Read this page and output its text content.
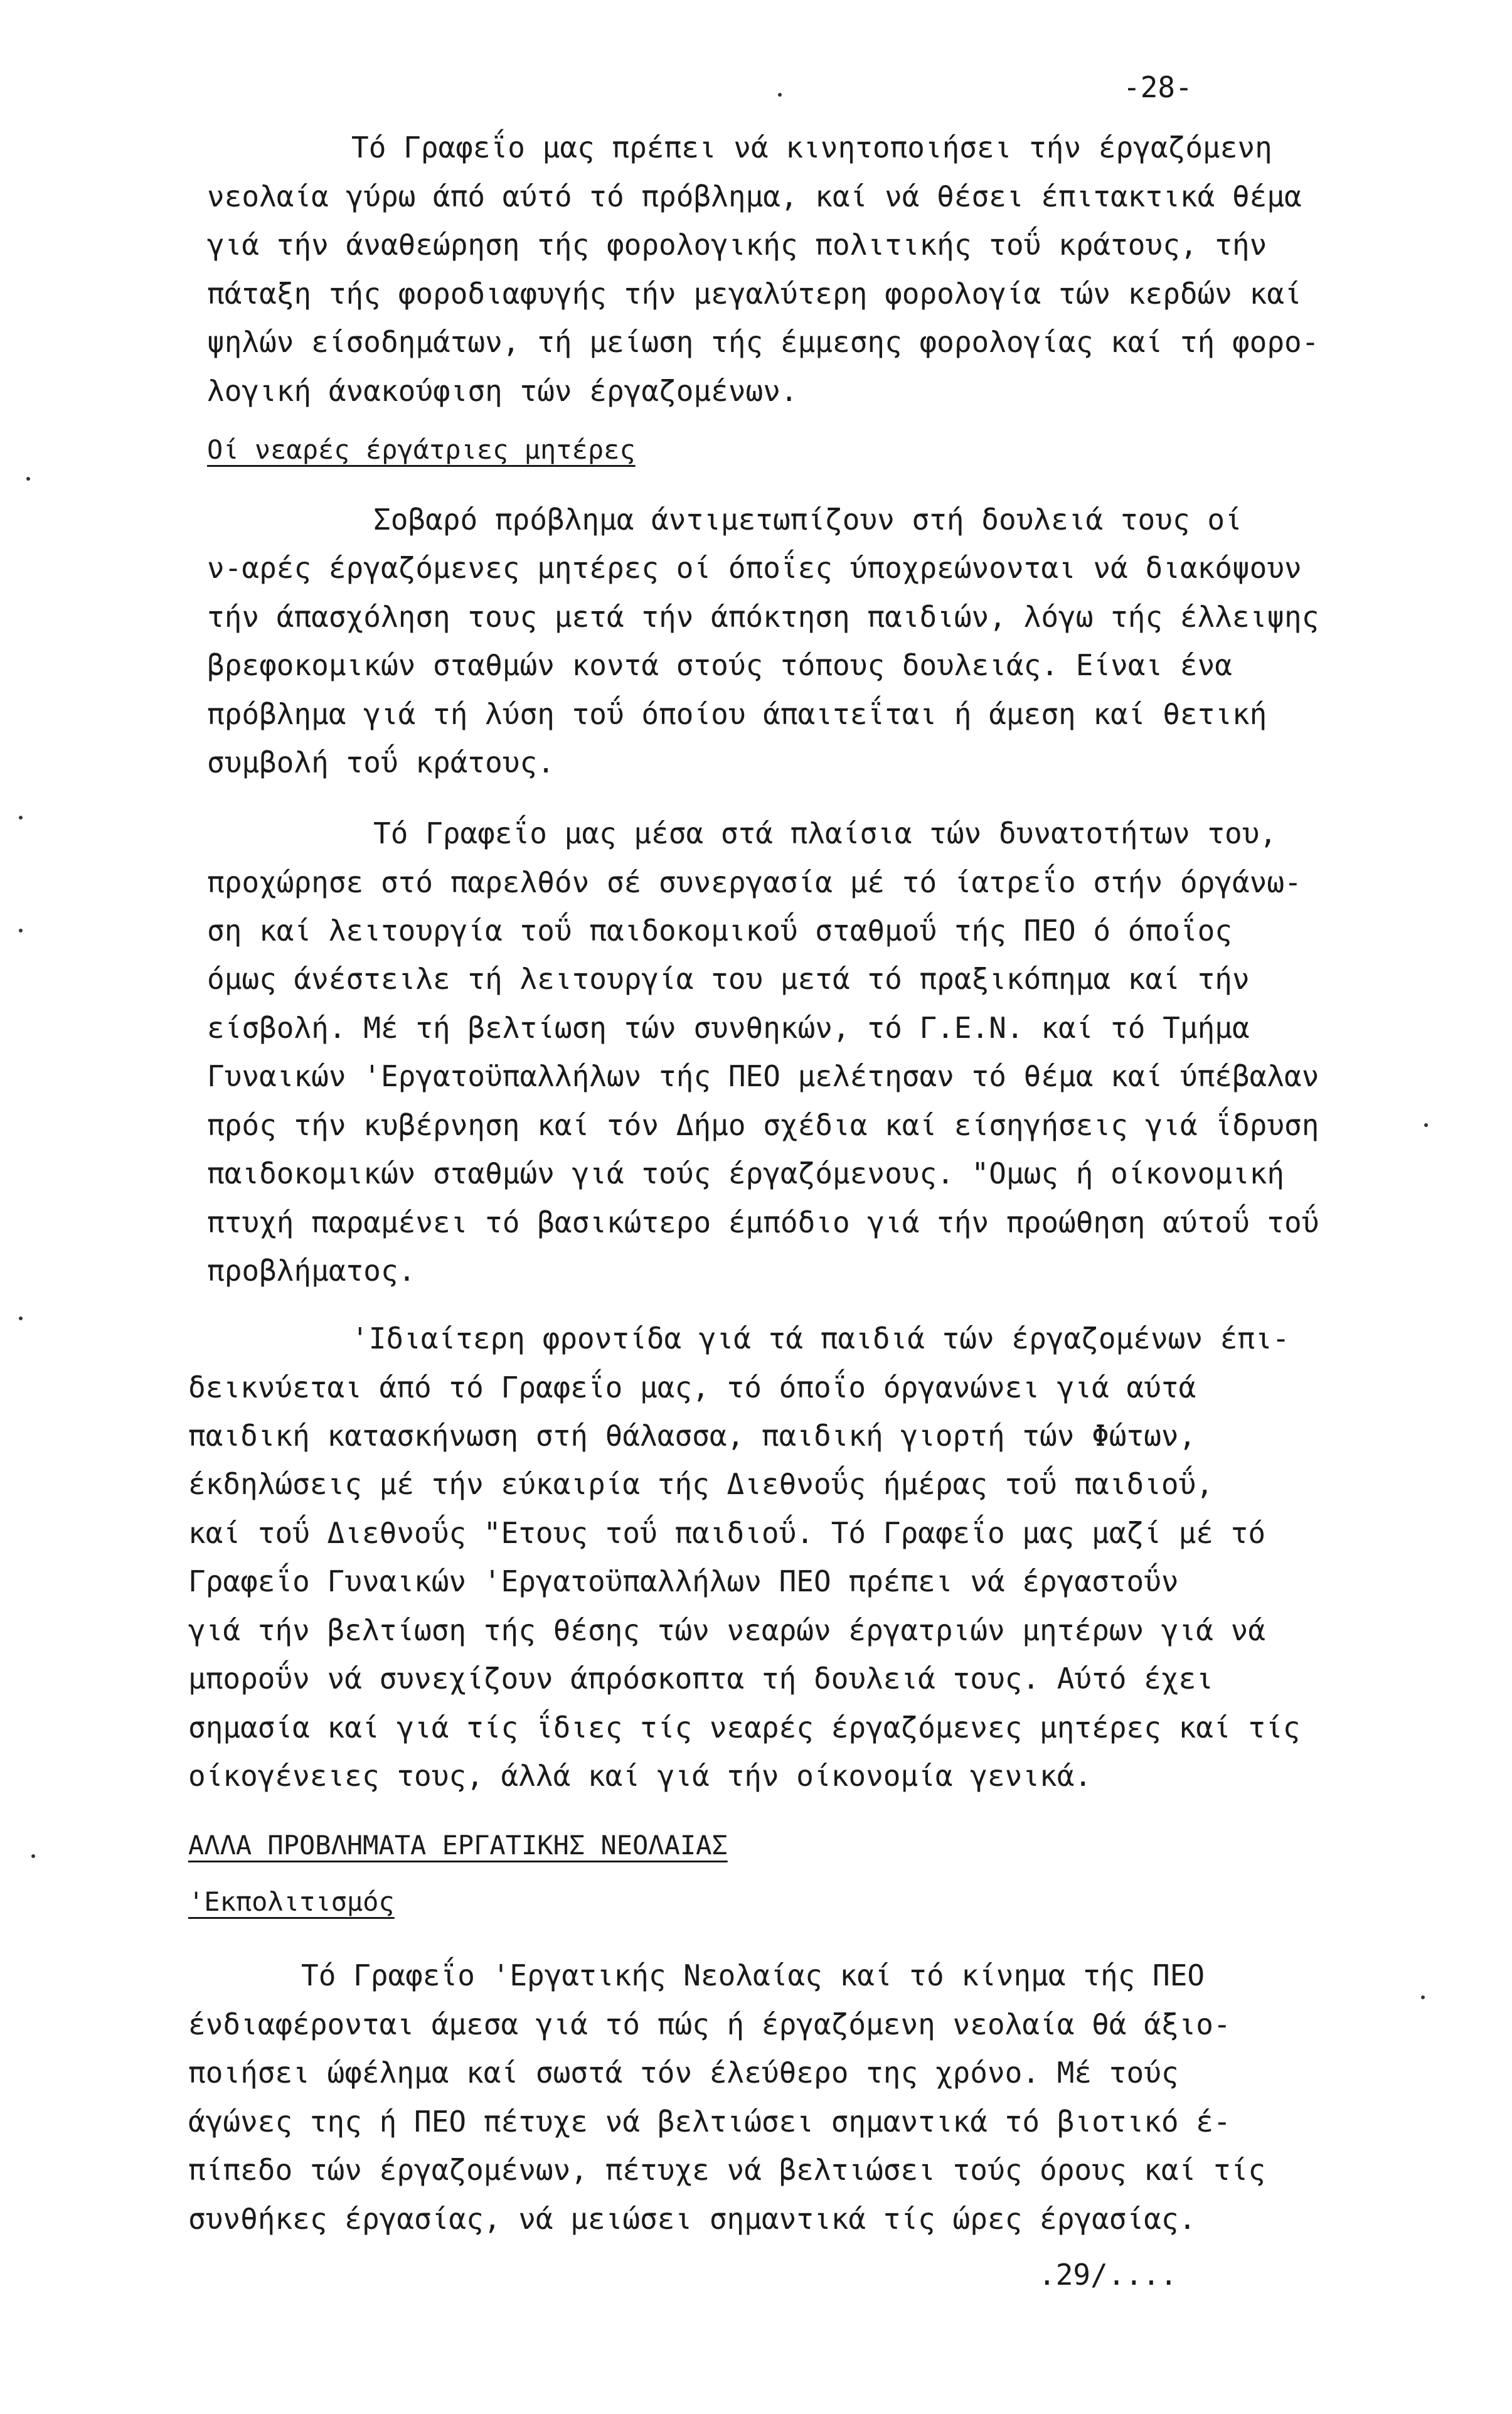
-28-
Τό Γραφεΐο μας πρέπει νά κινητοποιήσει τήν έργαζόμενη
νεολαία γύρω άπό αύτό τό πρόβλημα, καί νά θέσει έπιτακτικά θέμα
γιά τήν άναθεώρηση τής φορολογικής πολιτικής τοΰ κράτους, τήν
πάταξη τής φοροδιαφυγής τήν μεγαλύτερη φορολογία τών κερδών καί
ψηλών είσοδημάτων, τή μείωση τής έμμεσης φορολογίας καί τή φορο-
λογική άνακούφιση τών έργαζομένων.
Οί νεαρές έργάτριες μητέρες
Σοβαρό πρόβλημα άντιμετωπίζουν στή δουλειά τους οί
ν-αρές έργαζόμενες μητέρες οί όποΐες ύποχρεώνονται νά διακόψουν
τήν άπασχόληση τους μετά τήν άπόκτηση παιδιών, λόγω τής έλλειψης
βρεφοκομικών σταθμών κοντά στούς τόπους δουλειάς. Είναι ένα
πρόβλημα γιά τή λύση τοΰ όποίου άπαιτεΐται ή άμεση καί θετική
συμβολή τοΰ κράτους.
Τό Γραφεΐο μας μέσα στά πλαίσια τών δυνατοτήτων του,
προχώρησε στό παρελθόν σέ συνεργασία μέ τό ίατρεΐο στήν όργάνω-
ση καί λειτουργία τοΰ παιδοκομικοΰ σταθμοΰ τής ΠΕΟ ό όποΐος
όμως άνέστειλε τή λειτουργία του μετά τό πραξικόπημα καί τήν
είσβολή. Μέ τή βελτίωση τών συνθηκών, τό Γ.Ε.Ν. καί τό Τμήμα
Γυναικών 'Εργατοϋπαλλήλων τής ΠΕΟ μελέτησαν τό θέμα καί ύπέβαλαν
πρός τήν κυβέρνηση καί τόν Δήμο σχέδια καί είσηγήσεις γιά ΐδρυση
παιδοκομικών σταθμών γιά τούς έργαζόμενους. "Ομως ή οίκονομική
πτυχή παραμένει τό βασικώτερο έμπόδιο γιά τήν προώθηση αύτοΰ τοΰ
προβλήματος.
'Ιδιαίτερη φροντίδα γιά τά παιδιά τών έργαζομένων έπι-
δεικνύεται άπό τό Γραφεΐο μας, τό όποΐο όργανώνει γιά αύτά
παιδική κατασκήνωση στή θάλασσα, παιδική γιορτή τών Φώτων,
έκδηλώσεις μέ τήν εύκαιρία τής Διεθνοΰς ήμέρας τοΰ παιδιοΰ,
καί τοΰ Διεθνοΰς "Ετους τοΰ παιδιοΰ. Τό Γραφεΐο μας μαζί μέ τό
Γραφεΐο Γυναικών 'Εργατοϋπαλλήλων ΠΕΟ πρέπει νά έργαστοΰν
γιά τήν βελτίωση τής θέσης τών νεαρών έργατριών μητέρων γιά νά
μποροΰν νά συνεχίζουν άπρόσκοπτα τή δουλειά τους. Αύτό έχει
σημασία καί γιά τίς ΐδιες τίς νεαρές έργαζόμενες μητέρες καί τίς
οίκογένειες τους, άλλά καί γιά τήν οίκονομία γενικά.
ΑΛΛΑ ΠΡΟΒΛΗΜΑΤΑ ΕΡΓΑΤΙΚΗΣ ΝΕΟΛΑΙΑΣ
'Εκπολιτισμός
Τό Γραφεΐο 'Εργατικής Νεολαίας καί τό κίνημα τής ΠΕΟ
ένδιαφέρονται άμεσα γιά τό πώς ή έργαζόμενη νεολαία θά άξιο-
ποιήσει ώφέλημα καί σωστά τόν έλεύθερο της χρόνο. Μέ τούς
άγώνες της ή ΠΕΟ πέτυχε νά βελτιώσει σημαντικά τό βιοτικό έ-
πίπεδο τών έργαζομένων, πέτυχε νά βελτιώσει τούς όρους καί τίς
συνθήκες έργασίας, νά μειώσει σημαντικά τίς ώρες έργασίας.
.29/....
